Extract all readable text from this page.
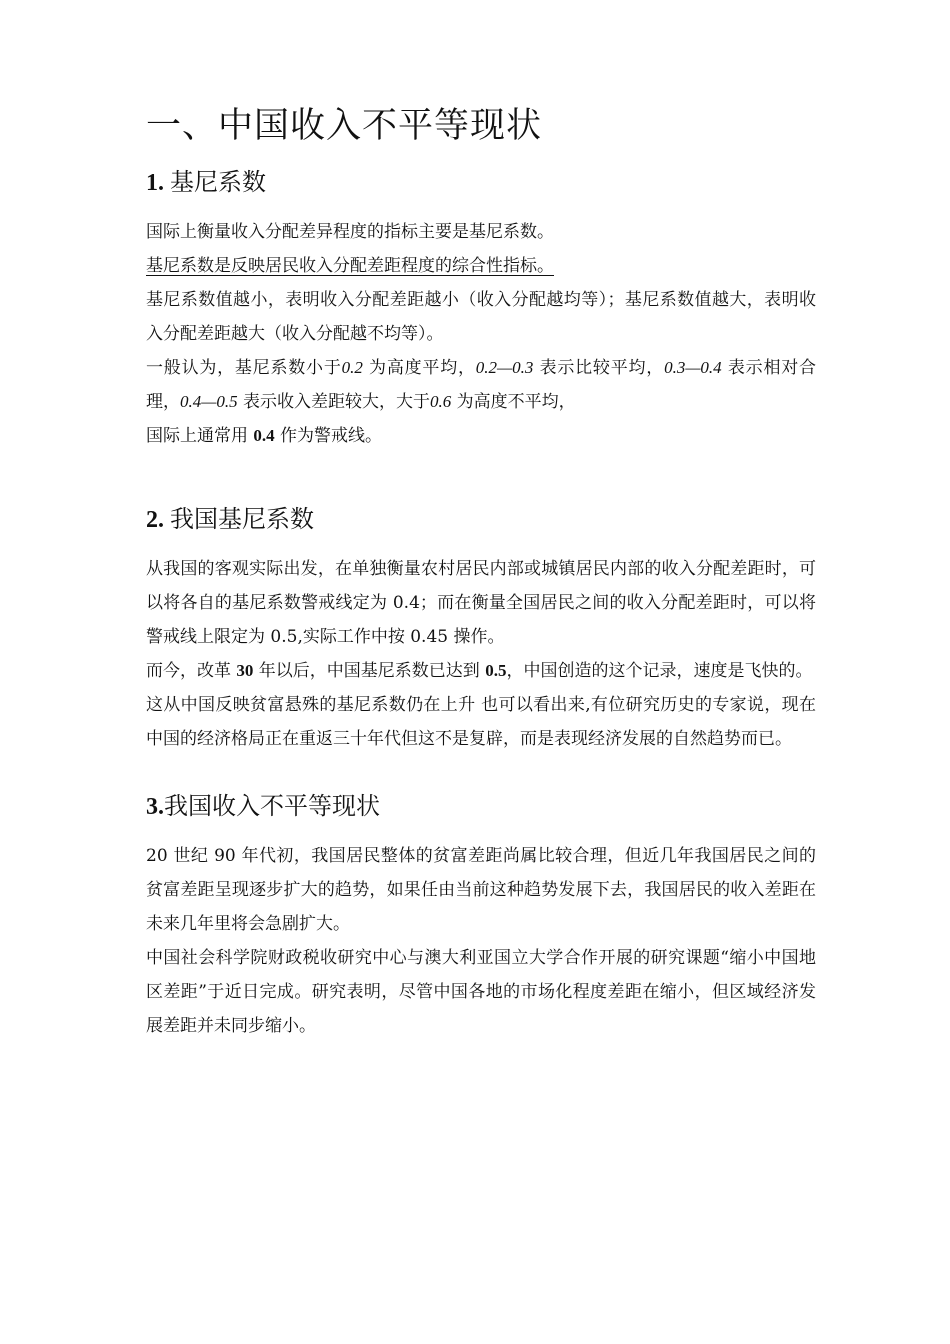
一、中国收入不平等现状
1. 基尼系数

国际上衡量收入分配差异程度的指标主要是基尼系数。

基尼系数是反映居民收入分配差距程度的综合性指标。

基尼系数值越小，表明收入分配差距越小（收入分配越均等）；基尼系数值越大，表明收入分配差距越大（收入分配越不均等）。

一般认为，基尼系数小于0.2 为高度平均，0.2—0.3 表示比较平均，0.3—0.4 表示相对合理，0.4—0.5 表示收入差距较大，大于0.6 为高度不平均，

国际上通常用 0.4 作为警戒线。

2. 我国基尼系数

从我国的客观实际出发，在单独衡量农村居民内部或城镇居民内部的收入分配差距时，可以将各自的基尼系数警戒线定为 0.4；而在衡量全国居民之间的收入分配差距时，可以将警戒线上限定为 0.5,实际工作中按 0.45 操作。

而今，改革 30 年以后，中国基尼系数已达到 0.5，中国创造的这个记录，速度是飞快的。

这从中国反映贫富悬殊的基尼系数仍在上升 也可以看出来,有位研究历史的专家说，现在中国的经济格局正在重返三十年代但这不是复辟，而是表现经济发展的自然趋势而已。

3.我国收入不平等现状

20 世纪 90 年代初，我国居民整体的贫富差距尚属比较合理，但近几年我国居民之间的贫富差距呈现逐步扩大的趋势，如果任由当前这种趋势发展下去，我国居民的收入差距在未来几年里将会急剧扩大。

中国社会科学院财政税收研究中心与澳大利亚国立大学合作开展的研究课题“缩小中国地区差距”于近日完成。研究表明，尽管中国各地的市场化程度差距在缩小，但区域经济发展差距并未同步缩小。
